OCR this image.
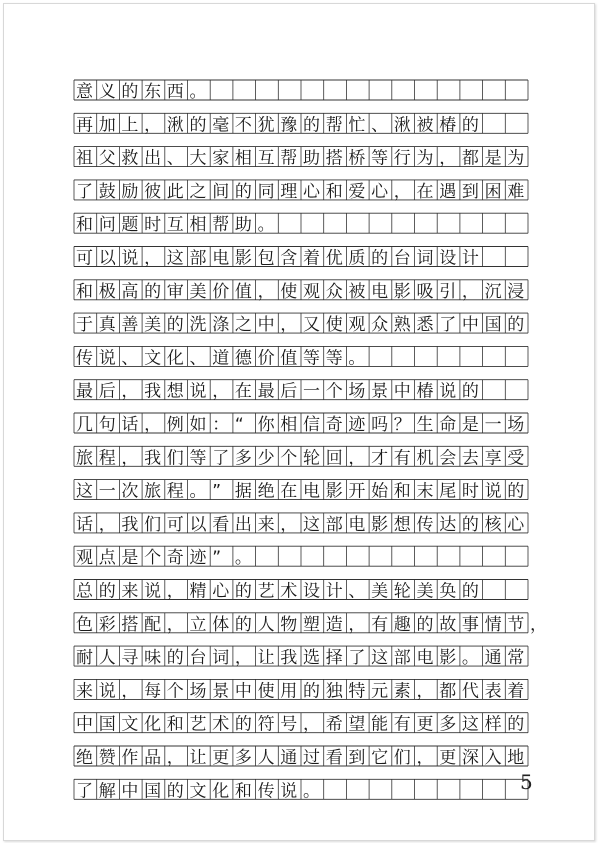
意义的东西。
再加上，湫的毫不犹豫的帮忙、湫被椿的
祖父救出、大家相互帮助搭桥等行为，都是为
了鼓励彼此之间的同理心和爱心，在遇到困难
和问题时互相帮助。
可以说，这部电影包含着优质的台词设计
和极高的审美价值，使观众被电影吸引，沉浸
于真善美的洗涤之中，又使观众熟悉了中国的
传说、文化、道德价值等等。
最后，我想说，在最后一个场景中椿说的
几句话，例如：“你相信奇迹吗？生命是一场
旅程，我们等了多少个轮回，才有机会去享受
这一次旅程。”据绝在电影开始和末尾时说的
话，我们可以看出来，这部电影想传达的核心
观点是个奇迹”。
总的来说，精心的艺术设计、美轮美奂的
色彩搭配，立体的人物塑造，有趣的故事情节，
耐人寻味的台词，让我选择了这部电影。通常
来说，每个场景中使用的独特元素，都代表着
中国文化和艺术的符号，希望能有更多这样的
绝赞作品，让更多人通过看到它们，更深入地
了解中国的文化和传说。	5
